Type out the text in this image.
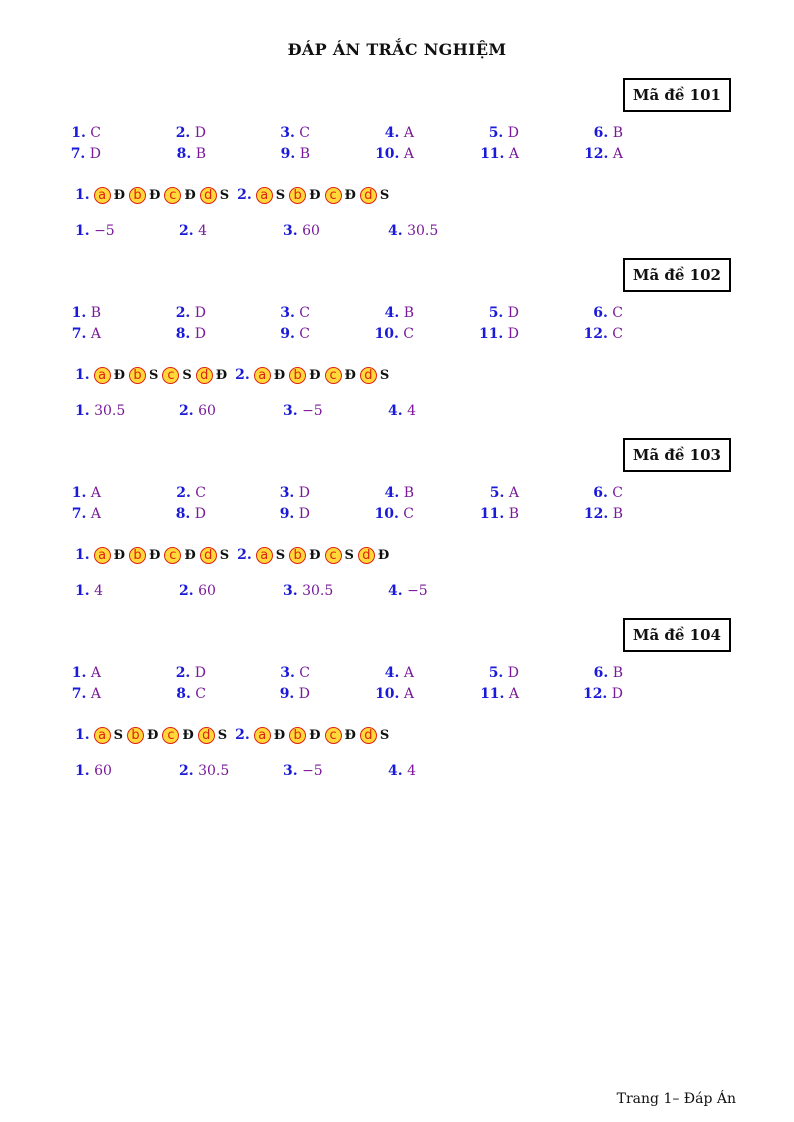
ĐÁP ÁN TRẮC NGHIỆM
Mã đề 101
1. C	2. D	3. C	4. A	5. D	6. B
7. D	8. B	9. B	10. A	11. A	12. A
1. a Đ b Đ c Đ d S 2. a S b Đ c Đ d S
1. −5	2. 4	3. 60	4. 30.5
Mã đề 102
1. B	2. D	3. C	4. B	5. D	6. C
7. A	8. D	9. C	10. C	11. D	12. C
1. a Đ b S c S d Đ 2. a Đ b Đ c Đ d S
1. 30.5	2. 60	3. −5	4. 4
Mã đề 103
1. A	2. C	3. D	4. B	5. A	6. C
7. A	8. D	9. D	10. C	11. B	12. B
1. a Đ b Đ c Đ d S 2. a S b Đ c S d Đ
1. 4	2. 60	3. 30.5	4. −5
Mã đề 104
1. A	2. D	3. C	4. A	5. D	6. B
7. A	8. C	9. D	10. A	11. A	12. D
1. a S b Đ c Đ d S 2. a Đ b Đ c Đ d S
1. 60	2. 30.5	3. −5	4. 4
Trang 1– Đáp Án
